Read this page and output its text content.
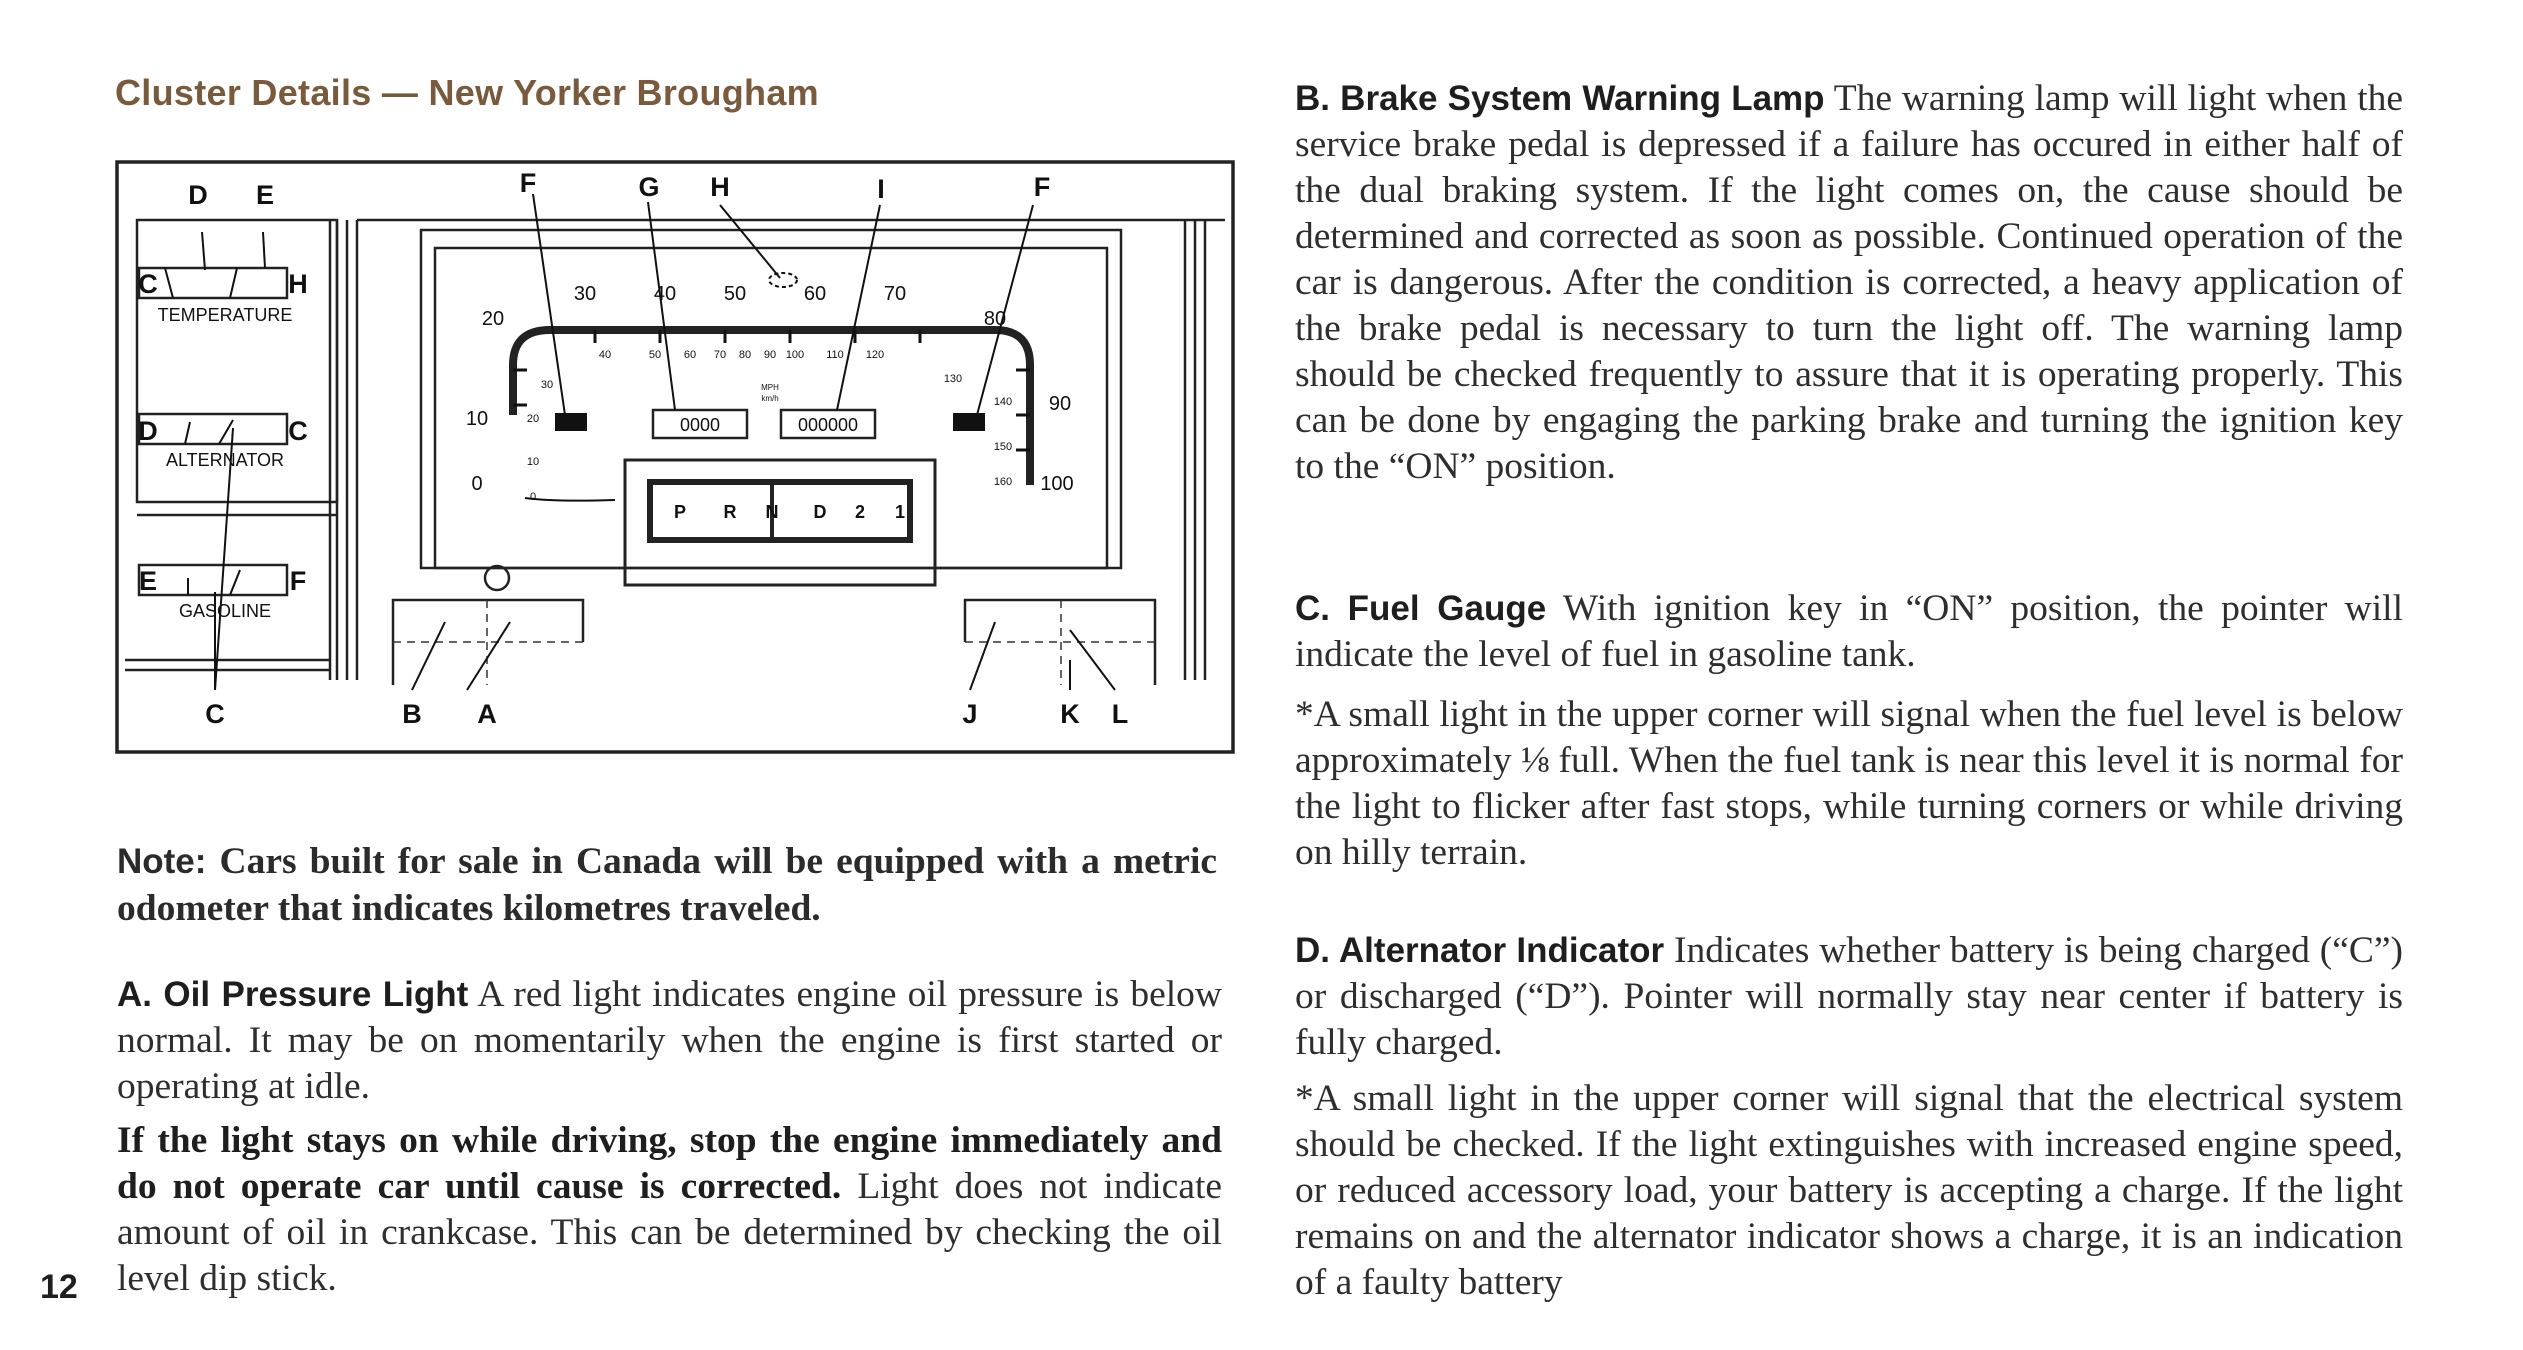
Cluster Details — New Yorker Brougham
D E	F	G H	I	F
C	H
D	C
E	F
C	B A	J	K L
TEMPERATURE
ALTERNATOR
GASOLINE
0
10
20
30	40 50	60	70
80
90
100
0
10
20
30
40	50 60 70 80 90 100 110 120
130
140
150
160
MPH
km/h
0000	000000
P R N D 2 1
Note: Cars built for sale in Canada will be equipped with a metric odometer that indicates kilometres traveled.
A. Oil Pressure Light A red light indicates engine oil pressure is below normal. It may be on momentarily when the engine is first started or operating at idle.
If the light stays on while driving, stop the engine immediately and do not operate car until cause is corrected. Light does not indicate amount of oil in crankcase. This can be determined by checking the oil level dip stick.
12
B. Brake System Warning Lamp The warning lamp will light when the service brake pedal is depressed if a failure has occured in either half of the dual braking system. If the light comes on, the cause should be determined and corrected as soon as possible. Continued operation of the car is dangerous. After the condition is corrected, a heavy application of the brake pedal is necessary to turn the light off. The warning lamp should be checked frequently to assure that it is operating properly. This can be done by engaging the parking brake and turning the ignition key to the “ON” position.
C. Fuel Gauge With ignition key in “ON” position, the pointer will indicate the level of fuel in gasoline tank.
*A small light in the upper corner will signal when the fuel level is below approximately ⅛ full. When the fuel tank is near this level it is normal for the light to flicker after fast stops, while turning corners or while driving on hilly terrain.
D. Alternator Indicator Indicates whether battery is being charged (“C”) or discharged (“D”). Pointer will normally stay near center if battery is fully charged.
*A small light in the upper corner will signal that the electrical system should be checked. If the light extinguishes with increased engine speed, or reduced accessory load, your battery is accepting a charge. If the light remains on and the alternator indicator shows a charge, it is an indication of a faulty battery
